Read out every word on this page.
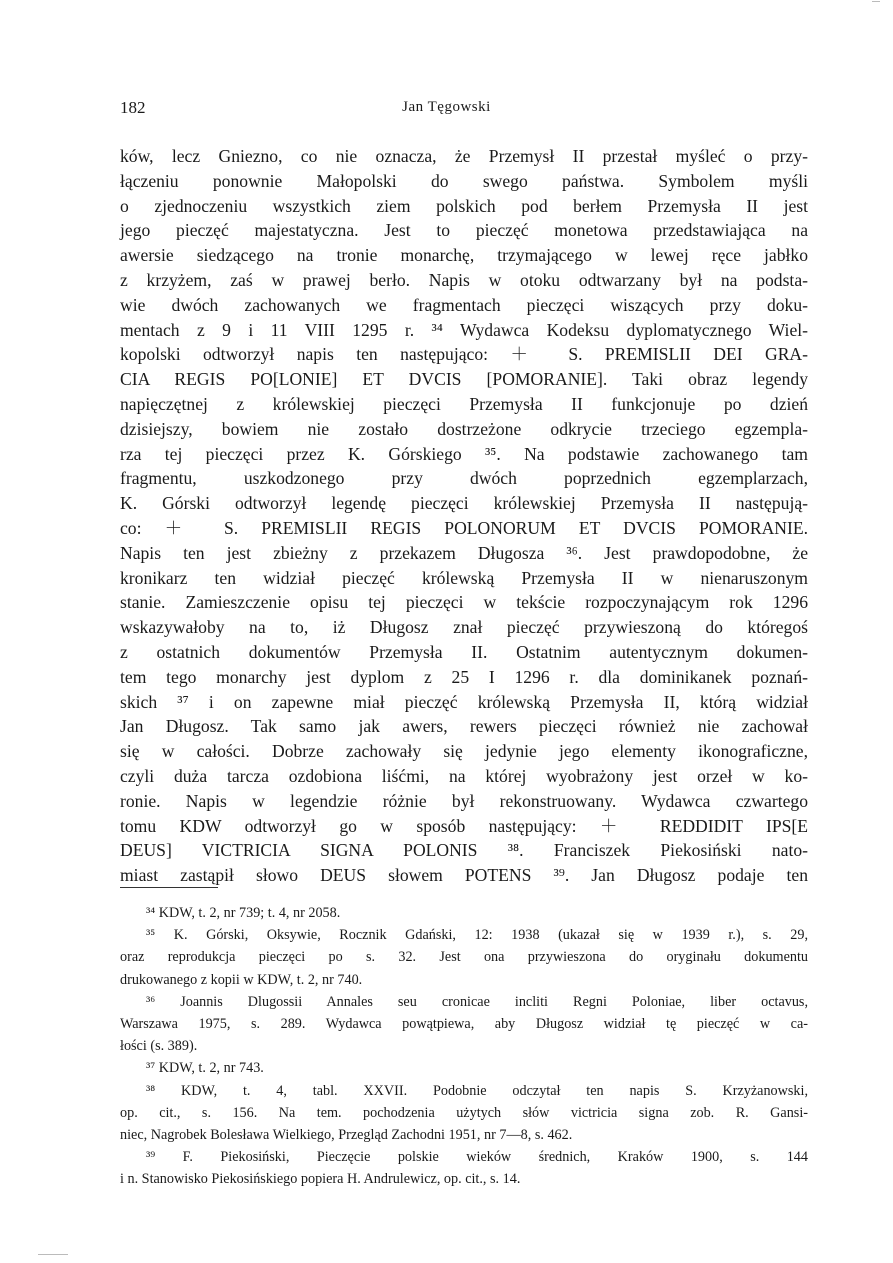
182	Jan Tęgowski
ków, lecz Gniezno, co nie oznacza, że Przemysł II przestał myśleć o przy-
łączeniu ponownie Małopolski do swego państwa. Symbolem myśli
o zjednoczeniu wszystkich ziem polskich pod berłem Przemysła II jest
jego pieczęć majestatyczna. Jest to pieczęć monetowa przedstawiająca na
awersie siedzącego na tronie monarchę, trzymającego w lewej ręce jabłko
z krzyżem, zaś w prawej berło. Napis w otoku odtwarzany był na podsta-
wie dwóch zachowanych we fragmentach pieczęci wiszących przy doku-
mentach z 9 i 11 VIII 1295 r. ³⁴ Wydawca Kodeksu dyplomatycznego Wiel-
kopolski odtworzył napis ten następująco: ＋ S. PREMISLII DEI GRA-
CIA REGIS PO[LONIE] ET DVCIS [POMORANIE]. Taki obraz legendy
napięczętnej z królewskiej pieczęci Przemysła II funkcjonuje po dzień
dzisiejszy, bowiem nie zostało dostrzeżone odkrycie trzeciego egzempla-
rza tej pieczęci przez K. Górskiego ³⁵. Na podstawie zachowanego tam
fragmentu, uszkodzonego przy dwóch poprzednich egzemplarzach,
K. Górski odtworzył legendę pieczęci królewskiej Przemysła II następują-
co: ＋ S. PREMISLII REGIS POLONORUM ET DVCIS POMORANIE.
Napis ten jest zbieżny z przekazem Długosza ³⁶. Jest prawdopodobne, że
kronikarz ten widział pieczęć królewską Przemysła II w nienaruszonym
stanie. Zamieszczenie opisu tej pieczęci w tekście rozpoczynającym rok 1296
wskazywałoby na to, iż Długosz znał pieczęć przywieszoną do któregoś
z ostatnich dokumentów Przemysła II. Ostatnim autentycznym dokumen-
tem tego monarchy jest dyplom z 25 I 1296 r. dla dominikanek poznań-
skich ³⁷ i on zapewne miał pieczęć królewską Przemysła II, którą widział
Jan Długosz. Tak samo jak awers, rewers pieczęci również nie zachował
się w całości. Dobrze zachowały się jedynie jego elementy ikonograficzne,
czyli duża tarcza ozdobiona liśćmi, na której wyobrażony jest orzeł w ko-
ronie. Napis w legendzie różnie był rekonstruowany. Wydawca czwartego
tomu KDW odtworzył go w sposób następujący: ＋ REDDIDIT IPS[E
DEUS] VICTRICIA SIGNA POLONIS ³⁸. Franciszek Piekosiński nato-
miast zastąpił słowo DEUS słowem POTENS ³⁹. Jan Długosz podaje ten
³⁴ KDW, t. 2, nr 739; t. 4, nr 2058.
³⁵ K. Górski, Oksywie, Rocznik Gdański, 12: 1938 (ukazał się w 1939 r.), s. 29,
oraz reprodukcja pieczęci po s. 32. Jest ona przywieszona do oryginału dokumentu
drukowanego z kopii w KDW, t. 2, nr 740.
³⁶ Joannis Dlugossii Annales seu cronicae incliti Regni Poloniae, liber octavus,
Warszawa 1975, s. 289. Wydawca powątpiewa, aby Długosz widział tę pieczęć w ca-
łości (s. 389).
³⁷ KDW, t. 2, nr 743.
³⁸ KDW, t. 4, tabl. XXVII. Podobnie odczytał ten napis S. Krzyżanowski,
op. cit., s. 156. Na tem. pochodzenia użytych słów victricia signa zob. R. Gansi-
niec, Nagrobek Bolesława Wielkiego, Przegląd Zachodni 1951, nr 7—8, s. 462.
³⁹ F. Piekosiński, Pieczęcie polskie wieków średnich, Kraków 1900, s. 144
i n. Stanowisko Piekosińskiego popiera H. Andrulewicz, op. cit., s. 14.
